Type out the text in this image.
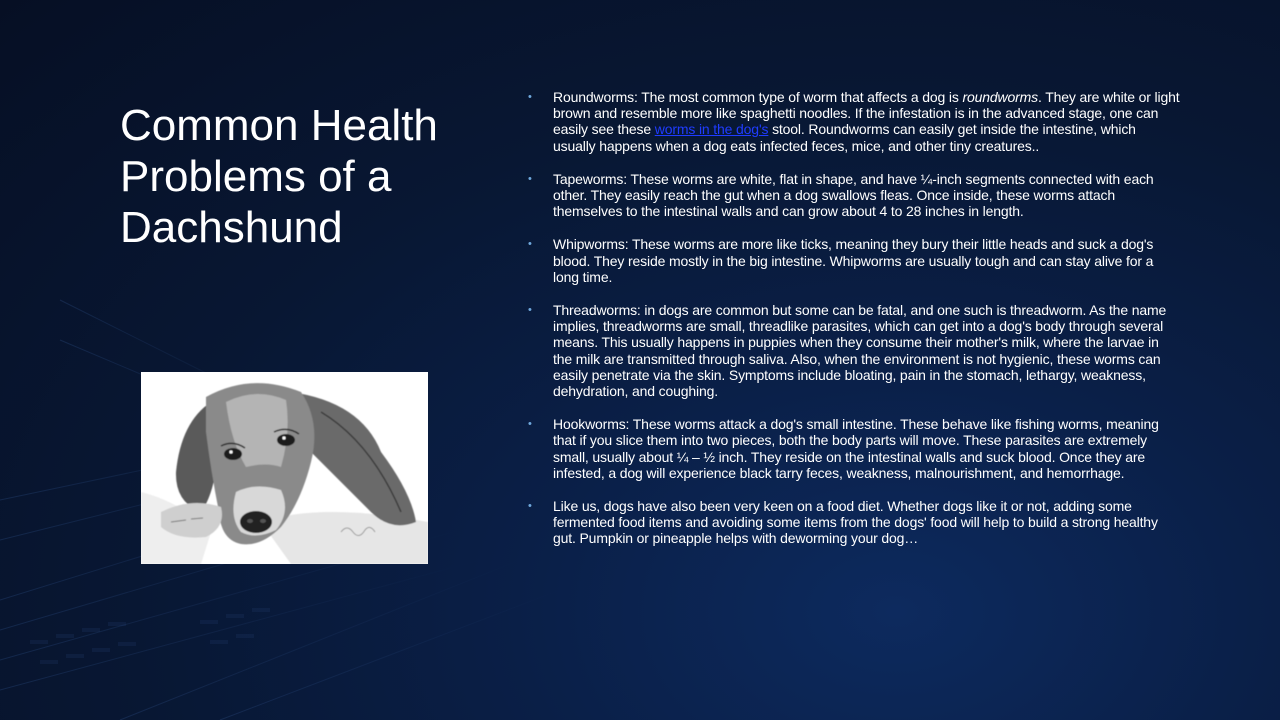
Common Health Problems of a Dachshund
• Roundworms: The most common type of worm that affects a dog is roundworms. They are white or light brown and resemble more like spaghetti noodles. If the infestation is in the advanced stage, one can easily see these worms in the dog's stool. Roundworms can easily get inside the intestine, which usually happens when a dog eats infected feces, mice, and other tiny creatures..
• Tapeworms: These worms are white, flat in shape, and have ¼-inch segments connected with each other. They easily reach the gut when a dog swallows fleas. Once inside, these worms attach themselves to the intestinal walls and can grow about 4 to 28 inches in length.
• Whipworms: These worms are more like ticks, meaning they bury their little heads and suck a dog's blood. They reside mostly in the big intestine. Whipworms are usually tough and can stay alive for a long time.
• Threadworms: in dogs are common but some can be fatal, and one such is threadworm. As the name implies, threadworms are small, threadlike parasites, which can get into a dog's body through several means. This usually happens in puppies when they consume their mother's milk, where the larvae in the milk are transmitted through saliva. Also, when the environment is not hygienic, these worms can easily penetrate via the skin. Symptoms include bloating, pain in the stomach, lethargy, weakness, dehydration, and coughing.
• Hookworms: These worms attack a dog's small intestine. These behave like fishing worms, meaning that if you slice them into two pieces, both the body parts will move. These parasites are extremely small, usually about ¼ – ½ inch. They reside on the intestinal walls and suck blood. Once they are infested, a dog will experience black tarry feces, weakness, malnourishment, and hemorrhage.
• Like us, dogs have also been very keen on a food diet. Whether dogs like it or not, adding some fermented food items and avoiding some items from the dogs' food will help to build a strong healthy gut. Pumpkin or pineapple helps with deworming your dog…
